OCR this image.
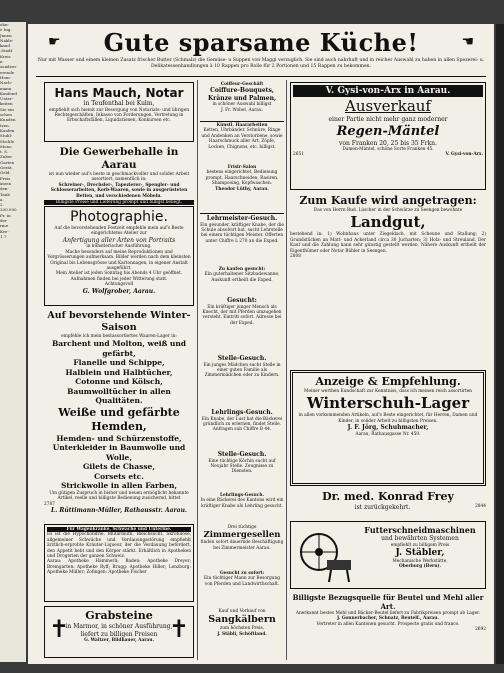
ohn-
e Ing.
Jnnen
Nakle-
kand
,Stadt
Kreis
n
sondeer
erende
Hom-
Nach-
mann
Kaufend
Unter-
keiten
Sie ein
schen
Kunden
tzen.
Kaufen
Stuhl-
Stichle
Mono
t. S.
Zuber
Garten
Gerät.
Geld.
Preis
ätzen
den-
Taub
a.
2.
200.000
Fr. in
der
rme
Kre-
1.7
☛	Gute sparsame Küche!	☚
Nur mit Wasser und einem kleinen Zusatz frischer Butter (Schmalz) die Gemüse- u Suppen von Maggi verzuglich. Sie sind auch nahrhaft und in reicher Auswahl zu haben in allen Spezerei- u. Delikatessenhandlungen à 10 Rappen pro Rolle für 2 Portionen und 15 Rappen zu bekommen.
Hans Mauch, Notar
in Teufenthal bei Kulm,
empfiehlt sich hiemit zur Besorgung von Notariats- und übrigen Rechtsgeschäften, Inkasso von Forderungen, Vertretung in Erbschaftsfällen, Liquidationen, Konkursen etc.
Die Gewerbehalle in Aarau
ist nun wieder auf's beste in geschmackvoller und solider Arbeit assortiert, namentlich in:
Schreiner-, Drechsler-, Tapezierer-, Spengler- und Schlosserarbeiten, Korb-Waaren, sowie in ausgerüsteten Betten, und verschiedenen Möbeln.
Billigste Preise und Lieferung prompt und billigst beliegt.
Photographie.
Auf die bevorstehenden Festzeit empfehle mein auf's Beste eingerichtetes Atelier zur
Anfertigung aller Arten von Portraits
in künstlerischer Ausführung.
Mache besonders auf meine Reproduktionen und Vergrösserungen aufmerksam. Bilder werden nach dem kleinsten Original bis Lebensgrösse und Kartonnagen, in eigener Anstalt ausgeführt.
Mein Atelier ist jeden Sonntag bis Abends 4 Uhr geöffnet. Aufnahmen finden bei jeder Witterung statt.
Achtungsvoll
G. Wolfgrober, Aarau.
Auf bevorstehende Winter-Saison
empfehle ich mein bestassortiertes Waaren-Lager in:
Barchent und Molton, weiß und gefärbt,
Flanelle und Schippe,
Halblein und Halbtücher,
Cotonne und Kölsch,
Baumwolltücher in allen Qualitäten.
Weiße und gefärbte Hemden,
Hemden- und Schürzenstoffe,
Unterkleider in Baumwolle und Wolle,
Gilets de Chasse,
Corsets etc.
Strickwolle in allen Farben,
Um gütigen Zuspruch in bisher und neuen ermöglicht bekannte Artikel, reelle und billigste Bedienung zusichernd, bittet
2787
L. Rüttimann-Müller, Rathausstr. Aarau.
Für Wagenkranke, Schwache und Unterine.
Es ist die Hypochondrie, Blutarmuth, Bleichsucht, Skrofulose, allgemeiner Schwäche und Verdauungsstörung empfiehlt ärztlich-erprobte Kräuter-Liqueur, der die Verdauung befördert, den Appetit hebt und den Körper stärkt. Erhältlich in Apotheken und Drogerien der ganzen Schweiz.
Aarau: Apotheke Hämmerli; Baden: Apotheke Dreyer; Bremgarten: Apotheke Ryff; Brugg: Apotheke Hiller; Lenzburg: Apotheke Müller; Zofingen: Apotheke Fischer
✝	✝
Grabsteine
in Marmor, in schöner Ausführung,
liefert zu billigen Preisen
G. Waltzer, Bildhauer, Aarau.
Coiffeur-Geschäft
Coiffure-Bouquets,
Kränze und Palmen,
in schöner Auswahl billigst
J. Fr. Wobel, Aarau.
Künstl. Haararbeiten
Ketten, Uhrbänder, Schnüre, Ringe und Andenken an Verstorbene, sowie Haarschmuck aller Art, Zöpfe, Locken, Chignons, etc. billigst.
Frisir-Salon
bestens eingerichtet, Bedienung prompt, Haarschneiden, Rasiren, Shampooing, Kopfwaschen.
Theodor Lüthy, Aarau.
Lehrmeister-Gesuch.
Ein gesunder, kräftiger Knabe, der die Schule absolvirt hat, sucht Lehrstelle bei einem tüchtigen Meister. Offerten unter Chiffre L 270 an die Exped.
Zu kaufen gesucht:
Ein guterhaltener Sitzbadewanne, Auskunft ertheilt die Exped.
Gesucht:
Ein kräftiger junger Mensch als Knecht, der mit Pferden umzugehen versteht. Eintritt sofort. Adresse bei der Exped.
Stelle-Gesuch.
Ein junges Mädchen sucht Stelle in einer guten Familie als Zimmermädchen oder zu Kindern.
Lehrlings-Gesuch.
Ein Knabe, der Lust hat die Bäckerei gründlich zu erlernen, findet Stelle. Anfragen sub Chiffre B 44.
Stelle-Gesuch.
Eine tüchtige Köchin sucht auf Neujahr Stelle. Zeugnisse zu Diensten.
Lehrlings-Gesuch.
In eine Bäckerei des Kantons wird ein kräftiger Knabe als Lehrling gesucht.
Drei tüchtige
Zimmergesellen
finden sofort dauernde Beschäftigung bei Zimmermeister Aarau.
Gesucht zu sofort:
Ein tüchtiger Mann zur Besorgung von Pferden und Landwirthschaft.
Kauf und Verkauf von
Sangkälbern
zum höchsten Preis.
J. Stäbli, Schöftland.
V. Gysi-von-Arx in Aarau.
Ausverkauf
einer Partie nicht mehr ganz moderner
Regen-Mäntel
von Franken 20, 25 bis 35 Frkn.
Damen-Mäntel, schöne Sorte Franken 45.
2651	V. Gysi-von-Arx.
Zum Kaufe wird angetragen:
Das von Herrn Rud. Lüscher in der Schwärze zu Seengen bewohnte
Landgut,
bestehend in: 1) Wohnhaus unter Ziegeldach, mit Scheune und Stallung; 2) Grundstücken an Matt- und Ackerland circa 30 Jucharten; 3) Holz- und Streuland. Der Kauf und die Zahlung kann sehr günstig gestellt werden. Nähere Auskunft ertheilt der Eigenthümer oder Notar Bühler in Seengen.
2808
Anzeige & Empfehlung.
Meiner werthen Kundschaft zur Kenntniss, dass ich meinen reich assortirten
Winterschuh-Lager
in allen vorkommenden Artikeln, auf's Beste eingerichtet, für Herren, Damen und Kinder, in solider Arbeit zu billigsten Preisen.
J. F. Jörg, Schuhmacher,
Aarau, Rathausgasse Nr. 450.
Dr. med. Konrad Frey
ist zurückgekehrt.	2844
Futterschneidmaschinen
und bewährten Systemen
empfiehlt zu billigem Preis
J. Stäbler,
Mechanische Werkstätte,
Oberburg (Bern).
Billigste Bezugsquelle für Beutel und Mehl aller Art.
Anerkannt bestes Mehl und Bäcker-Beutel liefert zu Fabrikpreisen prompt ab Lager.
J. Gonnerbacher, Schnatz, Beutelf., Aarau.
Vertreter in allen Kantonen gesucht. Prospecte gratis und franco.
2692
